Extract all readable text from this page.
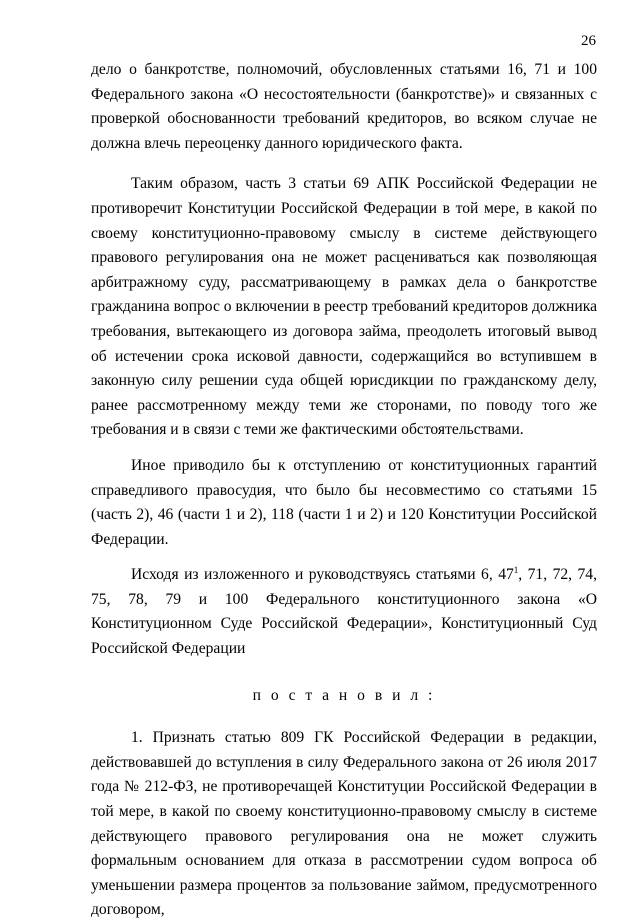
26

дело о банкротстве, полномочий, обусловленных статьями 16, 71 и 100 Федерального закона «О несостоятельности (банкротстве)» и связанных с проверкой обоснованности требований кредиторов, во всяком случае не должна влечь переоценку данного юридического факта.

Таким образом, часть 3 статьи 69 АПК Российской Федерации не противоречит Конституции Российской Федерации в той мере, в какой по своему конституционно-правовому смыслу в системе действующего правового регулирования она не может расцениваться как позволяющая арбитражному суду, рассматривающему в рамках дела о банкротстве гражданина вопрос о включении в реестр требований кредиторов должника требования, вытекающего из договора займа, преодолеть итоговый вывод об истечении срока исковой давности, содержащийся во вступившем в законную силу решении суда общей юрисдикции по гражданскому делу, ранее рассмотренному между теми же сторонами, по поводу того же требования и в связи с теми же фактическими обстоятельствами.

Иное приводило бы к отступлению от конституционных гарантий справедливого правосудия, что было бы несовместимо со статьями 15 (часть 2), 46 (части 1 и 2), 118 (части 1 и 2) и 120 Конституции Российской Федерации.

Исходя из изложенного и руководствуясь статьями 6, $47^1$, 71, 72, 74, 75, 78, 79 и 100 Федерального конституционного закона «О Конституционном Суде Российской Федерации», Конституционный Суд Российской Федерации

п о с т а н о в и л :

1. Признать статью 809 ГК Российской Федерации в редакции, действовавшей до вступления в силу Федерального закона от 26 июля 2017 года № 212-ФЗ, не противоречащей Конституции Российской Федерации в той мере, в какой по своему конституционно-правовому смыслу в системе действующего правового регулирования она не может служить формальным основанием для отказа в рассмотрении судом вопроса об уменьшении размера процентов за пользование займом, предусмотренного договором,
